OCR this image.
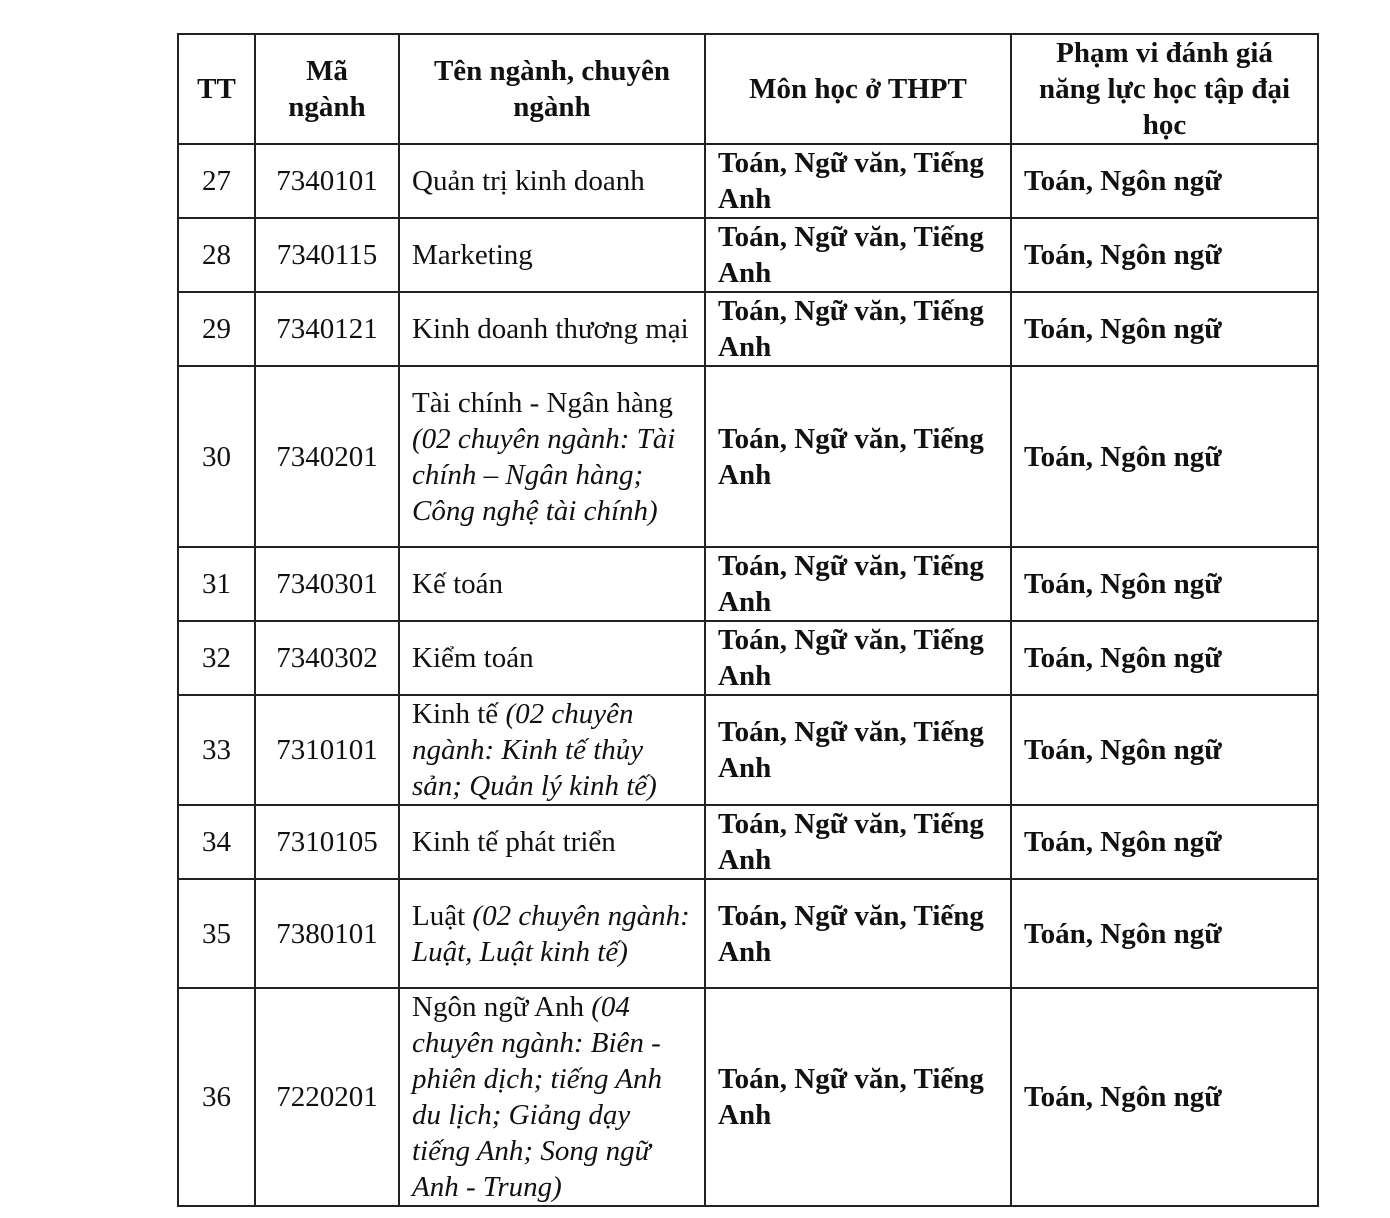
TT	Mã ngành	Tên ngành, chuyên ngành	Môn học ở THPT	Phạm vi đánh giá năng lực học tập đại học
27	7340101	Quản trị kinh doanh	Toán, Ngữ văn, Tiếng Anh	Toán, Ngôn ngữ
28	7340115	Marketing	Toán, Ngữ văn, Tiếng Anh	Toán, Ngôn ngữ
29	7340121	Kinh doanh thương mại	Toán, Ngữ văn, Tiếng Anh	Toán, Ngôn ngữ
30	7340201	Tài chính - Ngân hàng (02 chuyên ngành: Tài chính – Ngân hàng; Công nghệ tài chính)	Toán, Ngữ văn, Tiếng Anh	Toán, Ngôn ngữ
31	7340301	Kế toán	Toán, Ngữ văn, Tiếng Anh	Toán, Ngôn ngữ
32	7340302	Kiểm toán	Toán, Ngữ văn, Tiếng Anh	Toán, Ngôn ngữ
33	7310101	Kinh tế (02 chuyên ngành: Kinh tế thủy sản; Quản lý kinh tế)	Toán, Ngữ văn, Tiếng Anh	Toán, Ngôn ngữ
34	7310105	Kinh tế phát triển	Toán, Ngữ văn, Tiếng Anh	Toán, Ngôn ngữ
35	7380101	Luật (02 chuyên ngành: Luật, Luật kinh tế)	Toán, Ngữ văn, Tiếng Anh	Toán, Ngôn ngữ
36	7220201	Ngôn ngữ Anh (04 chuyên ngành: Biên - phiên dịch; tiếng Anh du lịch; Giảng dạy tiếng Anh; Song ngữ Anh - Trung)	Toán, Ngữ văn, Tiếng Anh	Toán, Ngôn ngữ
